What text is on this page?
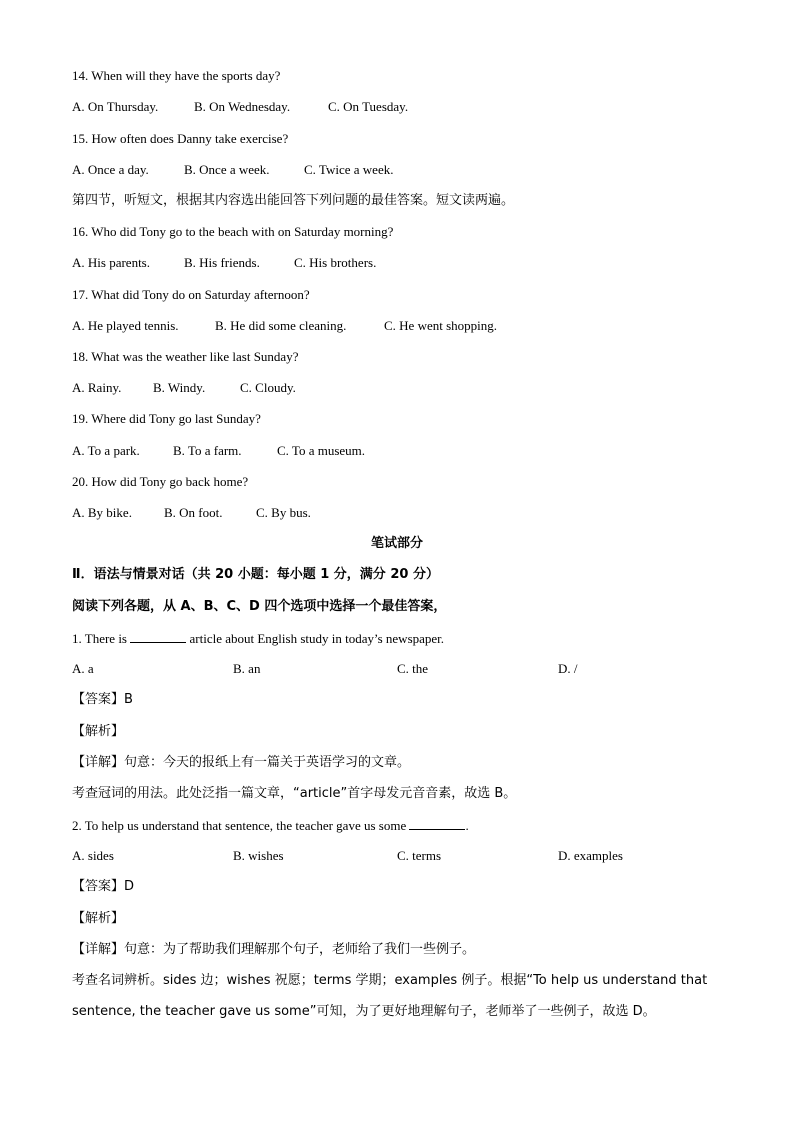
14. When will they have the sports day?
A. On Thursday.	B. On Wednesday.	C. On Tuesday.
15. How often does Danny take exercise?
A. Once a day.	B. Once a week.	C. Twice a week.
第四节，听短文，根据其内容选出能回答下列问题的最佳答案。短文读两遍。
16. Who did Tony go to the beach with on Saturday morning?
A. His parents.	B. His friends.	C. His brothers.
17. What did Tony do on Saturday afternoon?
A. He played tennis.	B. He did some cleaning.	C. He went shopping.
18. What was the weather like last Sunday?
A. Rainy. B. Windy.	C. Cloudy.
19. Where did Tony go last Sunday?
A. To a park.	B. To a farm.	C. To a museum.
20. How did Tony go back home?
A. By bike. B. On foot.	C. By bus.
笔试部分
Ⅱ．语法与情景对话（共 20 小题：每小题 1 分，满分 20 分）
阅读下列各题，从 A、B、C、D 四个选项中选择一个最佳答案，
1. There is	article about English study in today’s newspaper.
A. a	B. an	C. the	D. /
【答案】B
【解析】
【详解】句意：今天的报纸上有一篇关于英语学习的文章。
考查冠词的用法。此处泛指一篇文章，“article”首字母发元音音素，故选 B。
2. To help us understand that sentence, the teacher gave us some	.
A. sides	B. wishes	C. terms	D. examples
【答案】D
【解析】
【详解】句意：为了帮助我们理解那个句子，老师给了我们一些例子。
考查名词辨析。sides 边；wishes 祝愿；terms 学期；examples 例子。根据“To help us understand that
sentence, the teacher gave us some”可知，为了更好地理解句子，老师举了一些例子，故选 D。
